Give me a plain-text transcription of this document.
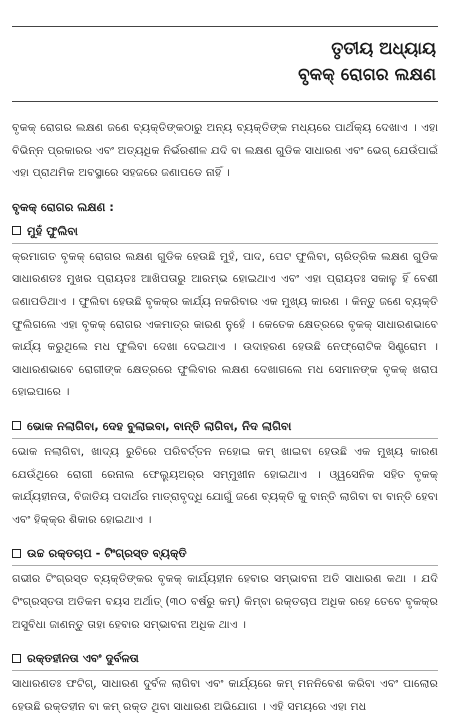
ତୃତୀୟ ଅଧ୍ୟାୟ
ବୃକକ୍ ରୋଗର ଲକ୍ଷଣ

ବୃକକ୍ ରୋଗର ଲକ୍ଷଣ ଜଣେ ବ୍ୟକ୍ତିଙ୍କଠାରୁ ଅନ୍ୟ ବ୍ୟକ୍ତିଙ୍କ ମଧ୍ୟରେ ପାର୍ଥକ୍ୟ ଦେଖାଏ । ଏହା ବିଭିନ୍ନ ପ୍ରକାରର ଏବଂ ଅତ୍ୟଧିକ ନିର୍ଭରଶୀଳ ଯଦି ବା ଲକ୍ଷଣ ଗୁଡିକ ସାଧାରଣ ଏବଂ ଭେଗ୍ ଯେଉଁପାଇଁ ଏହା ପ୍ରାଥମିକ ଅବସ୍ଥାରେ ସହଜରେ ଜଣାପଡେ ନାହିଁ ।

ବୃକକ୍ ରୋଗର ଲକ୍ଷଣ :

ମୁହଁ ଫୁଲିବା

କ୍ରମାଗତ ବୃକକ୍ ରୋଗର ଲକ୍ଷଣ ଗୁଡିକ ହେଉଛି ମୁହଁ, ପାଦ, ପେଟ ଫୁଲିବା, ଚାରିତ୍ରିକ ଲକ୍ଷଣ ଗୁଡିକ ସାଧାରଣତଃ ମୁଖର ପ୍ରାୟତଃ ଆଖିପତାରୁ ଆରମ୍ଭ ହୋଇଥାଏ ଏବଂ ଏହା ପ୍ରାୟତଃ ସକାଳୁ ହିଁ ବେଶୀ ଜଣାପଡିଥାଏ । ଫୁଲିବା ହେଉଛି ବୃକକ୍ର କାର୍ଯ୍ୟ ନକରିବାର ଏକ ମୁଖ୍ୟ କାରଣ । କିନ୍ତୁ ଜଣେ ବ୍ୟକ୍ତି ଫୁଲିଗଲେ ଏହା ବୃକକ୍ ରୋଗର ଏକମାତ୍ର କାରଣ ନୁହେଁ । କେତେକ କ୍ଷେତ୍ରରେ ବୃକକ୍ ସାଧାରଣଭାବେ କାର୍ଯ୍ୟ କରୁଥିଲେ ମଧ ଫୁଲିବା ଦେଖା ଦେଇଥାଏ । ଉଦାହରଣ ହେଉଛି ନେଫ୍ରୋଟିକ ସିଣ୍ଡ୍ରୋମ । ସାଧାରଣଭାବେ ରୋଗୀଙ୍କ କ୍ଷେତ୍ରରେ ଫୁଲିବାର ଲକ୍ଷଣ ଦେଖାଗଲେ ମଧ ସେମାନଙ୍କ ବୃକକ୍ ଖରାପ ହୋଇପାରେ ।

ଭୋକ ନଲାଗିବା, ଦେହ ବୁଲାଇବା, ବାନ୍ତି ଲାଗିବା, ନିଦ ଲାଗିବା

ଭୋକ ନଲାଗିବା, ଖାଦ୍ୟ ରୁଚିରେ ପରିବର୍ତ୍ତନ ନହୋଇ କମ୍ ଖାଇବା ହେଉଛି ଏକ ମୁଖ୍ୟ କାରଣ ଯେଉଁଥିରେ ରୋଗୀ ରେନାଲ ଫେଲ୍ୟୁଅର୍‌ର ସମ୍ମୁଖୀନ ହୋଇଥାଏ । ଓ୍ୱସେନିକ ସହିତ ବୃକକ୍ କାର୍ଯ୍ୟହୀନତା, ବିଜାତିୟ ପଦାର୍ଥର ମାତ୍ରାବୃଦ୍ଧି ଯୋଗୁଁ ଜଣେ ବ୍ୟକ୍ତି କୁ ବାନ୍ତି ଲାଗିବା ବା ବାନ୍ତି ହେବା ଏବଂ ହିକ୍‌କ୍‌ର ଶିକାର ହୋଇଥାଏ ।

ଉଚ୍ଚ ରକ୍ତଚାପ - ଟିଂଗ୍ରସ୍ତ ବ୍ୟକ୍ତି

ଗଭୀର ଟିଂଗ୍ରସ୍ତ ବ୍ୟକ୍ତିଙ୍କର ବୃକକ୍ କାର୍ଯ୍ୟହୀନ ହେବାର ସମ୍ଭାବନା ଅତି ସାଧାରଣ କଥା । ଯଦି ଟିଂଗ୍ରସ୍ତତା ଅତିକମ ବୟସ ଅର୍ଥାତ୍ (୩୦ ବର୍ଷରୁ କମ୍) କିମ୍ବା ରକ୍ତଚାପ ଅଧିକ ରହେ ତେବେ ବୃକକ୍ର ଅସୁବିଧା ଜାଣନ୍ତୁ ତାହା ହେବାର ସମ୍ଭାବନା ଅଧିକ ଥାଏ ।

ରକ୍ତହୀନତା ଏବଂ ଦୁର୍ବଳତା

ସାଧାରଣତଃ ଫଟିଗ୍, ସାଧାରଣ ଦୁର୍ବଳ ଲାଗିବା ଏବଂ କାର୍ଯ୍ୟରେ କମ୍ ମନନିବେଶ କରିବା ଏବଂ ପାଲୋର ହେଉଛି ରକ୍ତହୀନ ବା କମ୍ ରକ୍ତ ଥିବା ସାଧାରଣ ଅଭିଯୋଗ । ଏହି ସମୟରେ ଏହା ମଧ
